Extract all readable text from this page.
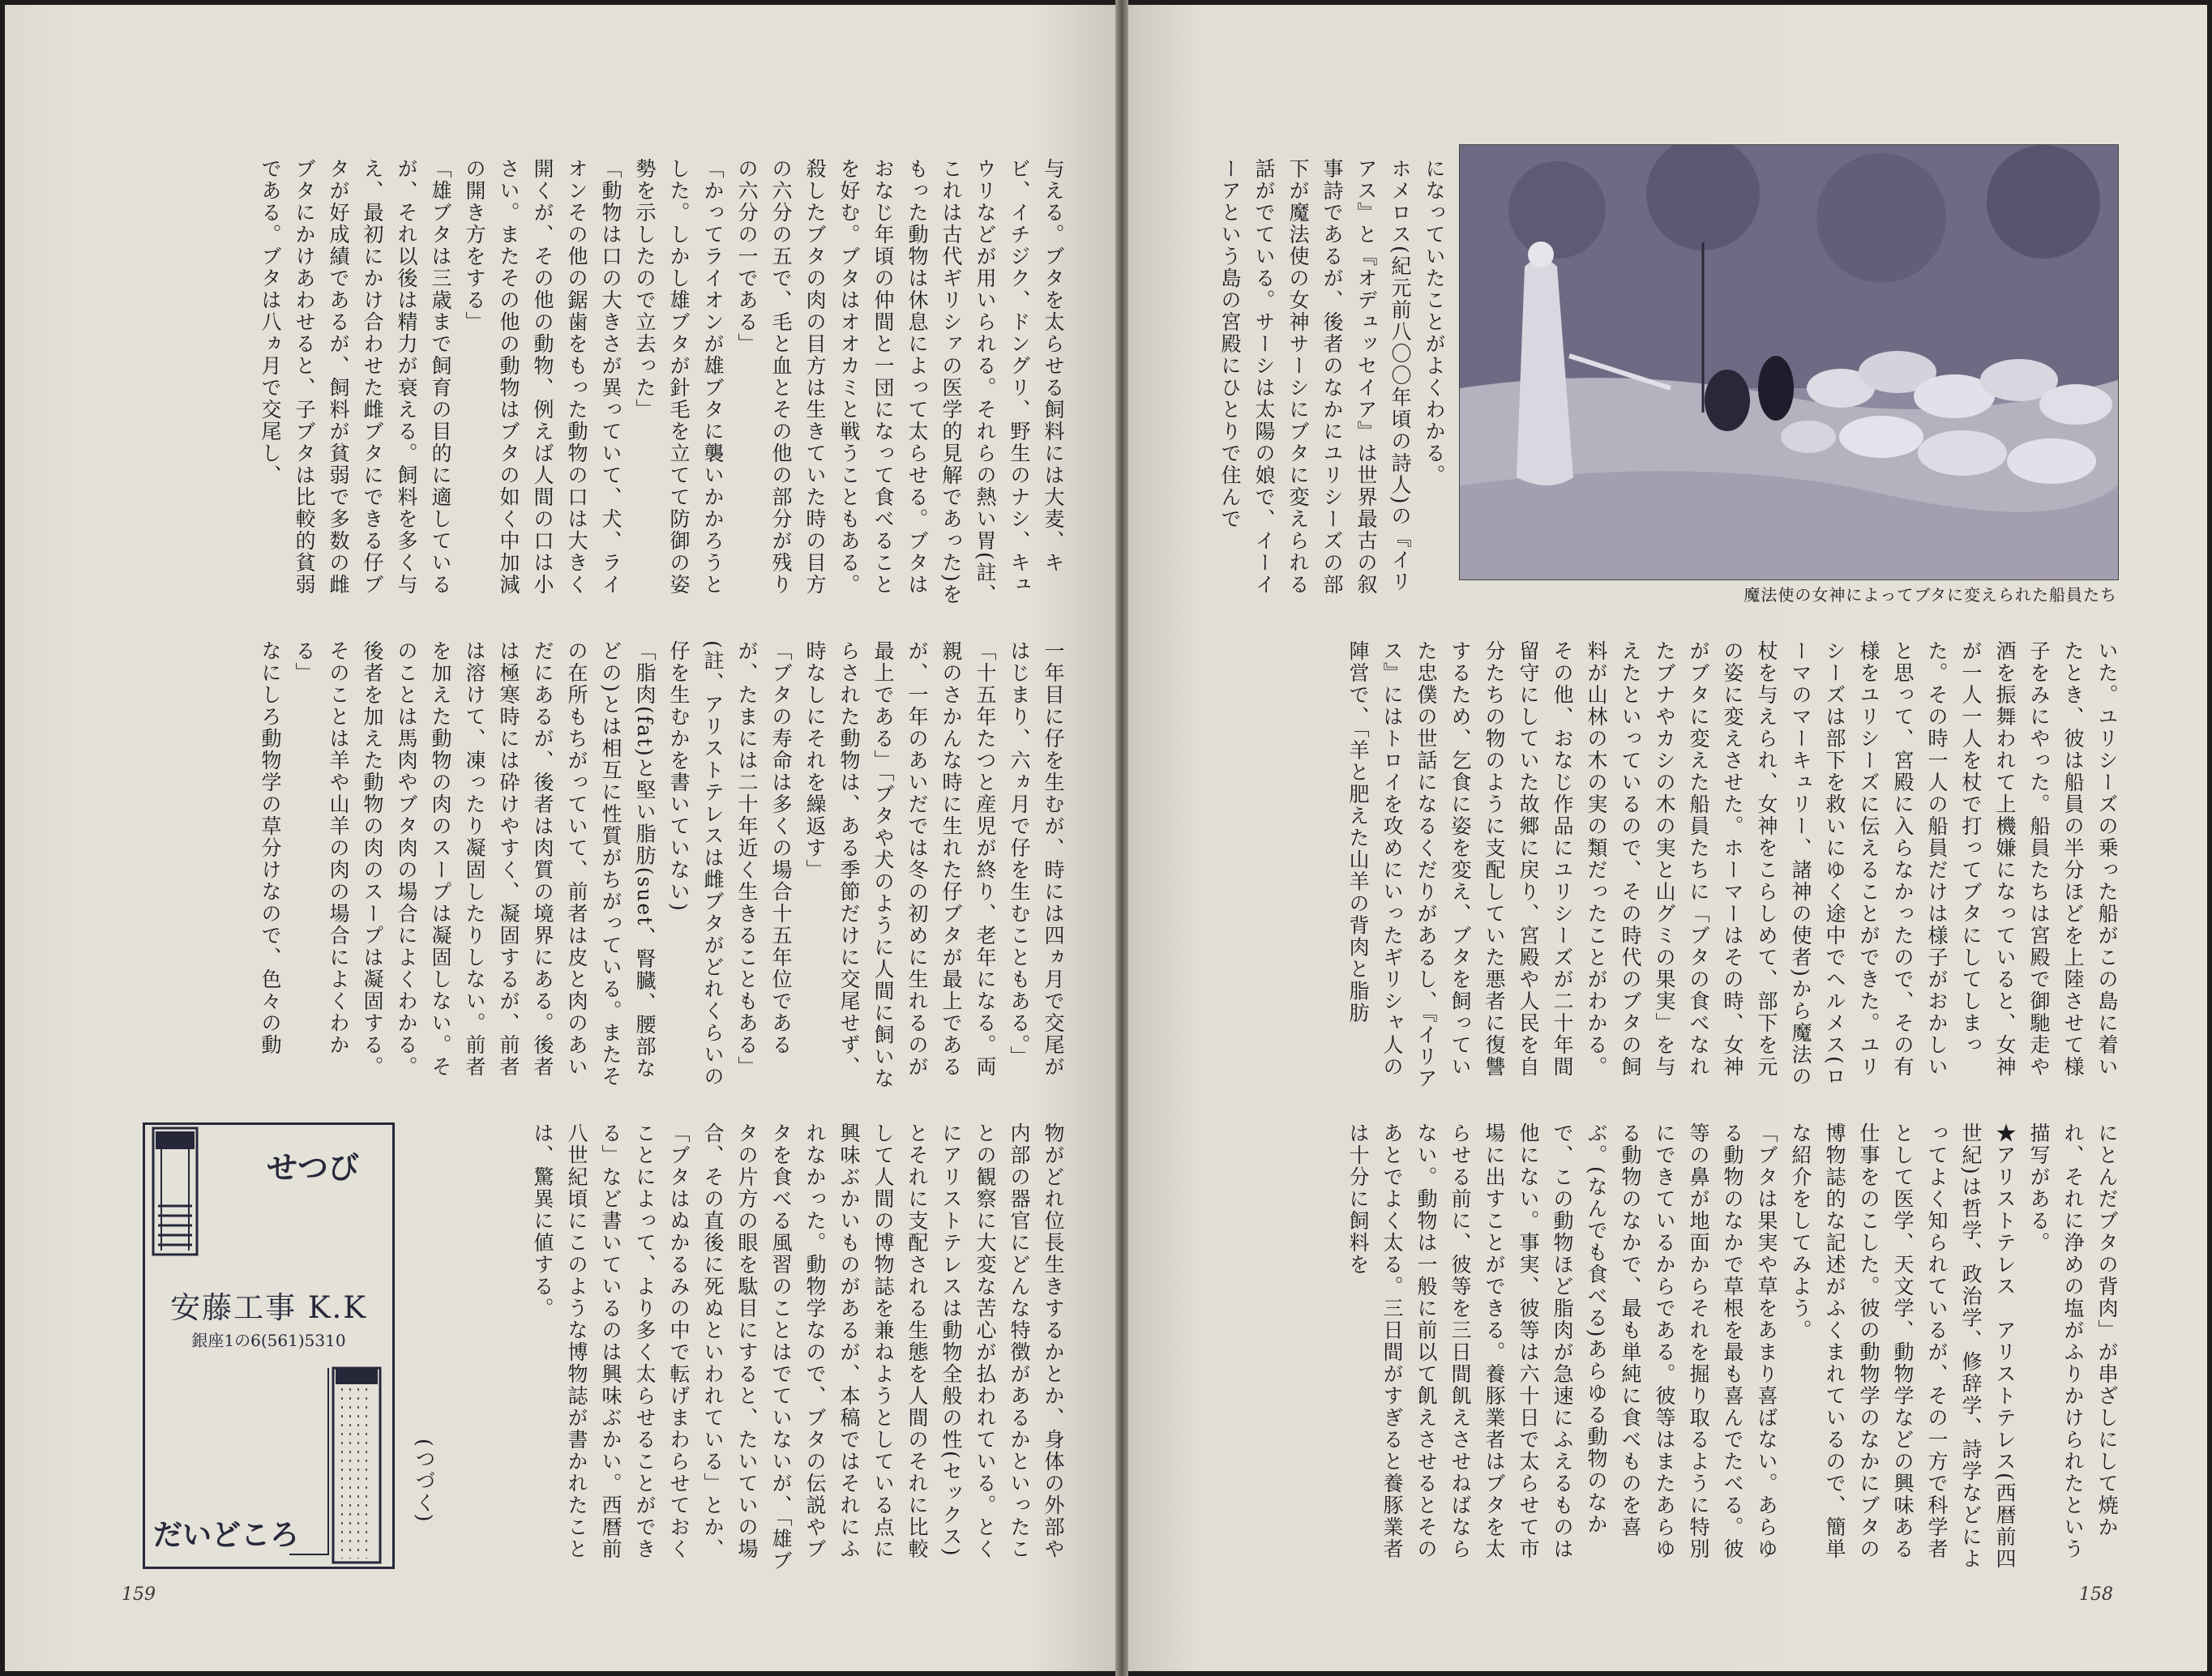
与える。ブタを太らせる飼料には大麦、キビ、イチジク、ドングリ、野生のナシ、キュウリなどが用いられる。それらの熱い胃(註、これは古代ギリシァの医学的見解であった)をもった動物は休息によって太らせる。ブタはおなじ年頃の仲間と一団になって食べることを好む。ブタはオオカミと戦うこともある。殺したブタの肉の目方は生きていた時の目方の六分の五で、毛と血とその他の部分が残りの六分の一である」
「かってライオンが雄ブタに襲いかかろうとした。しかし雄ブタが針毛を立てて防御の姿勢を示したので立去った」
「動物は口の大きさが異っていて、犬、ライオンその他の鋸歯をもった動物の口は大きく開くが、その他の動物、例えば人間の口は小さい。またその他の動物はブタの如く中加減の開き方をする」
「雄ブタは三歳まで飼育の目的に適しているが、それ以後は精力が衰える。飼料を多く与え、最初にかけ合わせた雌ブタにできる仔ブタが好成績であるが、飼料が貧弱で多数の雌ブタにかけあわせると、子ブタは比較的貧弱である。ブタは八ヵ月で交尾し、
一年目に仔を生むが、時には四ヵ月で交尾がはじまり、六ヵ月で仔を生むこともある。」「十五年たつと産児が終り、老年になる。両親のさかんな時に生れた仔ブタが最上であるが、一年のあいだでは冬の初めに生れるのが最上である」「ブタや犬のように人間に飼いならされた動物は、ある季節だけに交尾せず、時なしにそれを繰返す」
「ブタの寿命は多くの場合十五年位であるが、たまには二十年近く生きることもある」(註、アリストテレスは雌ブタがどれくらいの仔を生むかを書いていない)
「脂肉(fat)と堅い脂肪(suet、腎臓、腰部などの)とは相互に性質がちがっている。またその在所もちがっていて、前者は皮と肉のあいだにあるが、後者は肉質の境界にある。後者は極寒時には砕けやすく、凝固するが、前者は溶けて、凍ったり凝固したりしない。前者を加えた動物の肉のスープは凝固しない。そのことは馬肉やブタ肉の場合によくわかる。後者を加えた動物の肉のスープは凝固する。そのことは羊や山羊の肉の場合によくわかる」
なにしろ動物学の草分けなので、色々の動
物がどれ位長生きするかとか、身体の外部や内部の器官にどんな特徴があるかといったことの観察に大変な苦心が払われている。とくにアリストテレスは動物全般の性(セックス)とそれに支配される生態を人間のそれに比較して人間の博物誌を兼ねようとしている点に興味ぶかいものがあるが、本稿ではそれにふれなかった。動物学なので、ブタの伝説やブタを食べる風習のことはでていないが、「雄ブタの片方の眼を駄目にすると、たいていの場合、その直後に死ぬといわれている」とか、「ブタはぬかるみの中で転げまわらせておくことによって、より多く太らせることができる」など書いているのは興味ぶかい。西暦前八世紀頃にこのような博物誌が書かれたことは、驚異に値する。
(つづく)
せつび
安藤工事 K.K
銀座1の6(561)5310
だいどころ
159
になっていたことがよくわかる。
ホメロス(紀元前八〇〇年頃の詩人)の『イリアス』と『オデュッセイア』は世界最古の叙事詩であるが、後者のなかにユリシーズの部下が魔法使の女神サーシにブタに変えられる話がでている。サーシは太陽の娘で、イーイーアという島の宮殿にひとりで住んで
魔法使の女神によってブタに変えられた船員たち
いた。ユリシーズの乗った船がこの島に着いたとき、彼は船員の半分ほどを上陸させて様子をみにやった。船員たちは宮殿で御馳走や酒を振舞われて上機嫌になっていると、女神が一人一人を杖で打ってブタにしてしまった。その時一人の船員だけは様子がおかしいと思って、宮殿に入らなかったので、その有様をユリシーズに伝えることができた。ユリシーズは部下を救いにゆく途中でヘルメス(ローマのマーキュリー、諸神の使者)から魔法の杖を与えられ、女神をこらしめて、部下を元の姿に変えさせた。ホーマーはその時、女神がブタに変えた船員たちに「ブタの食べなれたブナやカシの木の実と山グミの果実」を与えたといっているので、その時代のブタの飼料が山林の木の実の類だったことがわかる。
その他、おなじ作品にユリシーズが二十年間留守にしていた故郷に戻り、宮殿や人民を自分たちの物のように支配していた悪者に復讐するため、乞食に姿を変え、ブタを飼っていた忠僕の世話になるくだりがあるし、『イリアス』にはトロイを攻めにいったギリシャ人の陣営で、「羊と肥えた山羊の背肉と脂肪
にとんだブタの背肉」が串ざしにして焼かれ、それに浄めの塩がふりかけられたという描写がある。
★アリストテレス　アリストテレス(西暦前四世紀)は哲学、政治学、修辞学、詩学などによってよく知られているが、その一方で科学者として医学、天文学、動物学などの興味ある仕事をのこした。彼の動物学のなかにブタの博物誌的な記述がふくまれているので、簡単な紹介をしてみよう。
「ブタは果実や草をあまり喜ばない。あらゆる動物のなかで草根を最も喜んでたべる。彼等の鼻が地面からそれを掘り取るように特別にできているからである。彼等はまたあらゆる動物のなかで、最も単純に食べものを喜ぶ。(なんでも食べる)あらゆる動物のなかで、この動物ほど脂肉が急速にふえるものは他にない。事実、彼等は六十日で太らせて市場に出すことができる。養豚業者はブタを太らせる前に、彼等を三日間飢えさせねばならない。動物は一般に前以て飢えさせるとそのあとでよく太る。三日間がすぎると養豚業者は十分に飼料を
158
